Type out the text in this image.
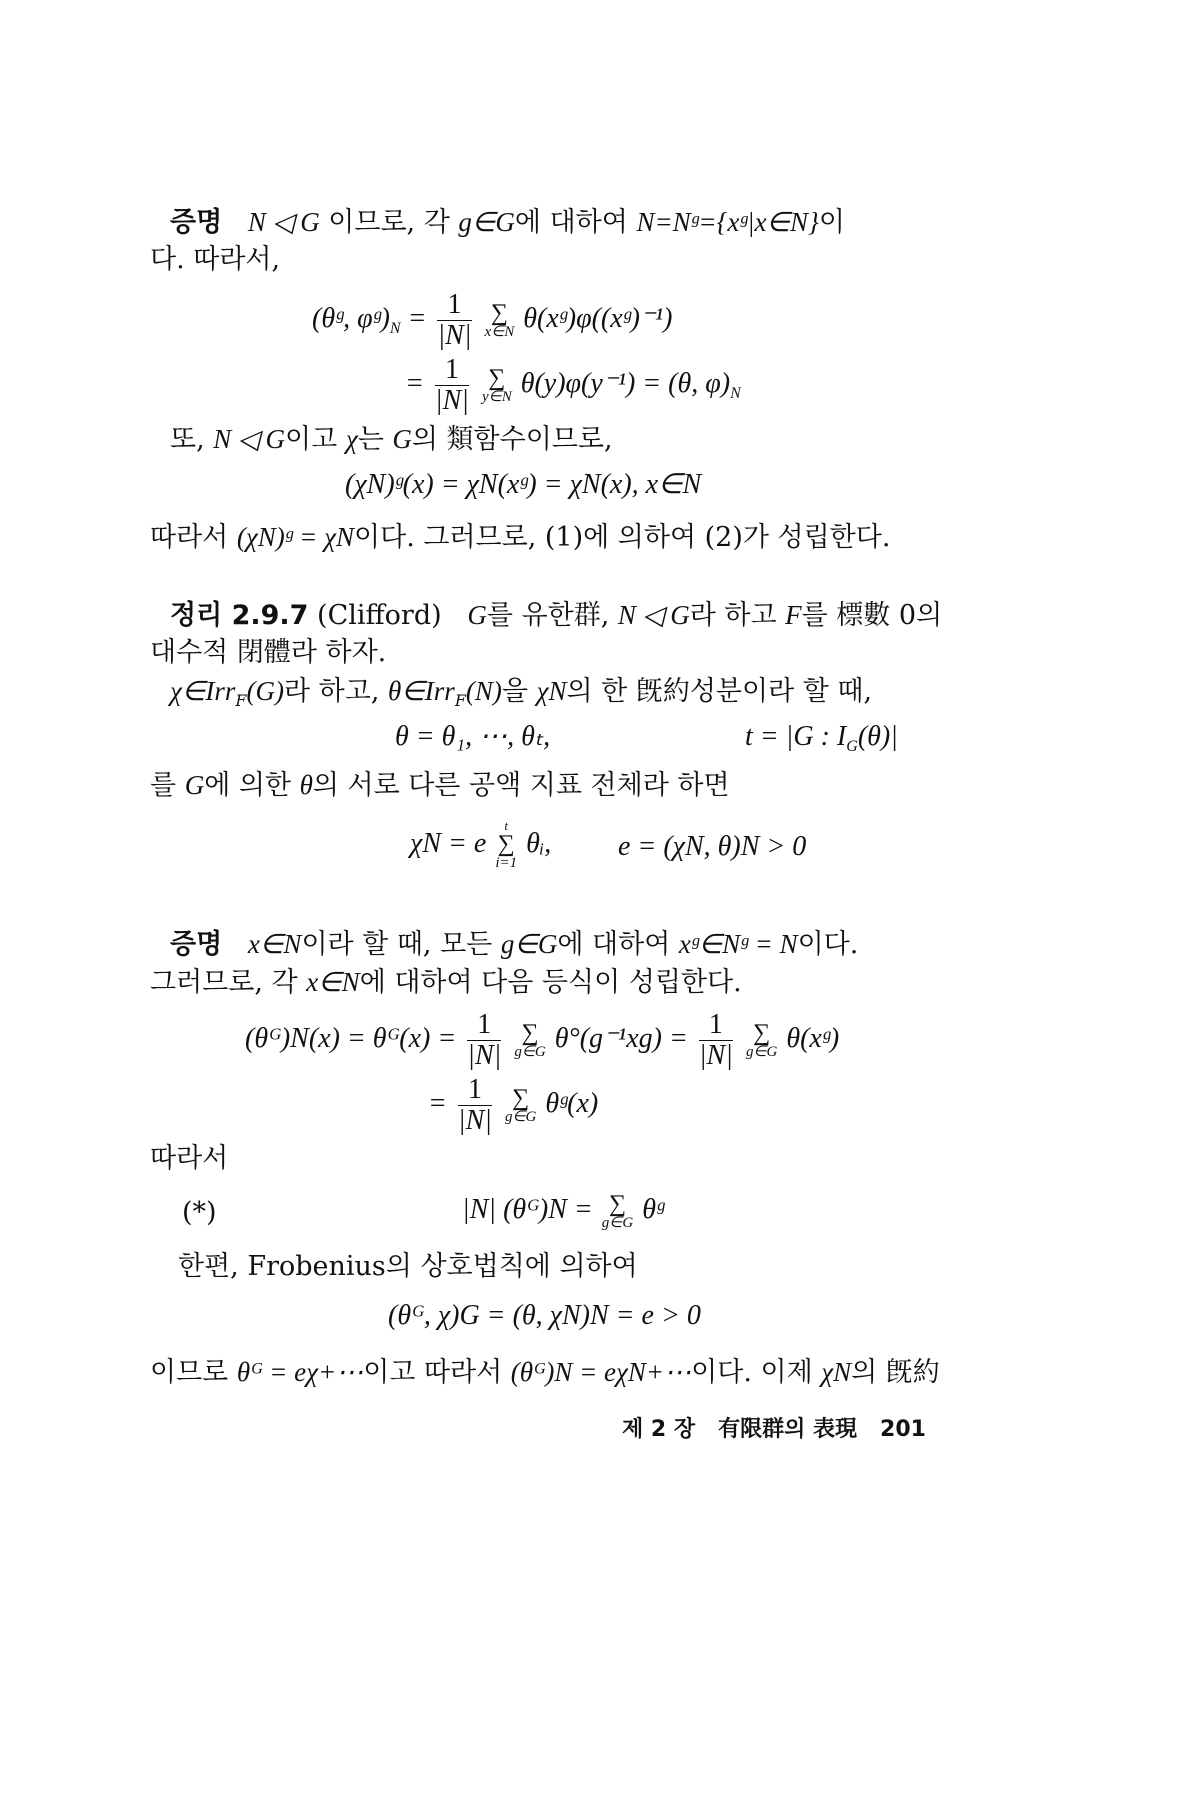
증명 N ◁ G 이므로, 각 g∈G에 대하여 N=Nᵍ={xᵍ|x∈N}이
다. 따라서,
(θᵍ, $\varphi ᵍ)_N = \frac{1}{|N|}$
∑
x∈N θ(xᵍ)φ((xᵍ)⁻¹)
= $\frac{1}{|N|}$
∑
y∈N θ(y)φ(y⁻¹) = (θ, $\varphi)_N$
또, N ◁ G이고 χ는 G의 類함수이므로,
(χN)ᵍ(x) = χN(xᵍ) = χN(x), x∈N
따라서 (χN)ᵍ = χN이다. 그러므로, (1)에 의하여 (2)가 성립한다.
정리 2.9.7 (Clifford) G를 유한群, N ◁ G라 하고 F를 標數 0의
대수적 閉體라 하자.
χ∈Irr$_F$(G)라 하고, θ∈Irr$_F$(N)을 χN의 한 旣約성분이라 할 때,
θ = θ₁, ⋯, θₜ,	t = |G : $I_G(\theta)|$
를 G에 의한 θ의 서로 다른 공액 지표 전체라 하면
χN = e
t
∑
i=1
θᵢ, e = (χN, θ)N > 0
증명 x∈N이라 할 때, 모든 g∈G에 대하여 xᵍ∈Nᵍ = N이다.
그러므로, 각 x∈N에 대하여 다음 등식이 성립한다.
(θᴳ)N(x) = θᴳ(x) = $\frac{1}{|N|}$
∑
g∈G $\theta^\circ(g^{-1}xg) = \frac{1}{|N|}$
∑
g∈G θ(xᵍ)
= $\frac{1}{|N|}$
∑
g∈G θᵍ(x)
따라서
(*)	|N| (θᴳ)N = ∑
g∈G θᵍ
한편, Frobenius의 상호법칙에 의하여
(θᴳ, χ)G = (θ, χN)N = e > 0
이므로 θᴳ = eχ+⋯이고 따라서 (θᴳ)N = eχN+⋯이다. 이제 χN의 旣約
제 2 장 有限群의 表現 201
